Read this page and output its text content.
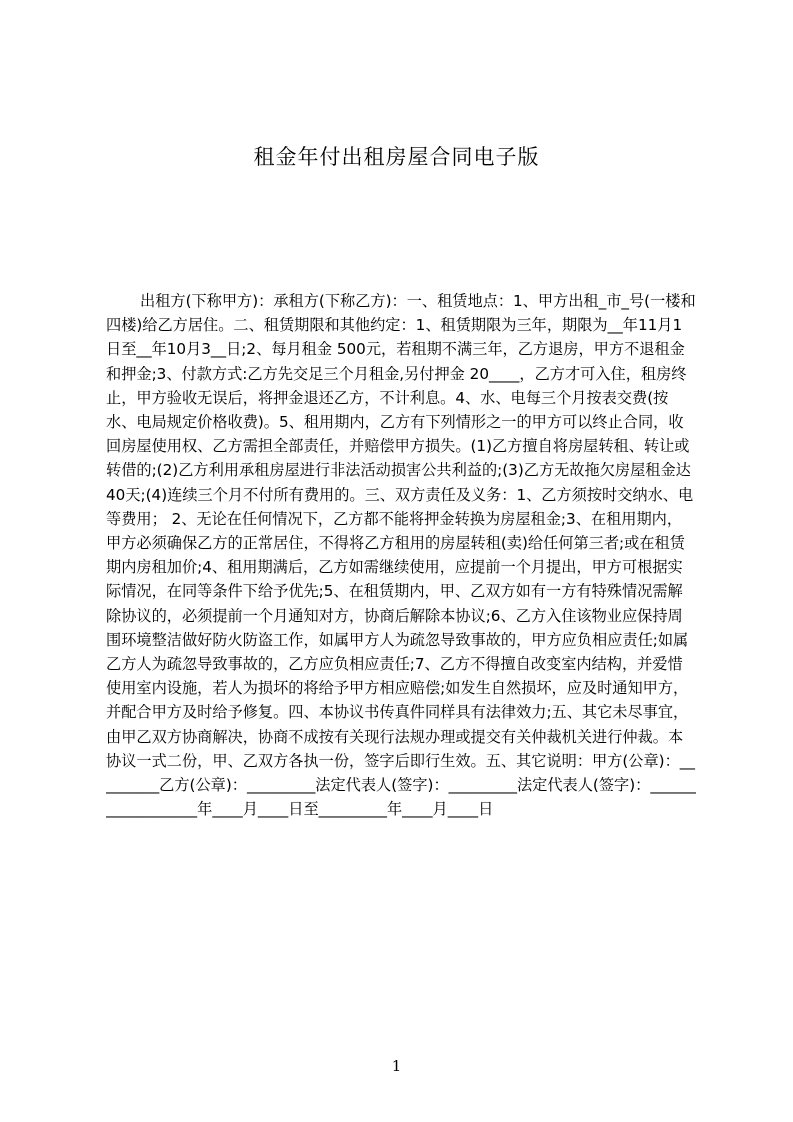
租金年付出租房屋合同电子版

出租方(下称甲方)：承租方(下称乙方)：一、租赁地点：1、甲方出租_市_号(一楼和四楼)给乙方居住。二、租赁期限和其他约定：1、租赁期限为三年，期限为__年11月1日至__年10月3__日;2、每月租金 500元，若租期不满三年，乙方退房，甲方不退租金和押金;3、付款方式:乙方先交足三个月租金,另付押金 20____，乙方才可入住，租房终止，甲方验收无误后，将押金退还乙方，不计利息。4、水、电每三个月按表交费(按水、电局规定价格收费)。5、租用期内，乙方有下列情形之一的甲方可以终止合同，收回房屋使用权、乙方需担全部责任，并赔偿甲方损失。(1)乙方擅自将房屋转租、转让或转借的;(2)乙方利用承租房屋进行非法活动损害公共利益的;(3)乙方无故拖欠房屋租金达40天;(4)连续三个月不付所有费用的。三、双方责任及义务：1、乙方须按时交纳水、电等费用； 2、无论在任何情况下，乙方都不能将押金转换为房屋租金;3、在租用期内，甲方必须确保乙方的正常居住，不得将乙方租用的房屋转租(卖)给任何第三者;或在租赁期内房租加价;4、租用期满后，乙方如需继续使用，应提前一个月提出，甲方可根据实际情况，在同等条件下给予优先;5、在租赁期内，甲、乙双方如有一方有特殊情况需解除协议的，必须提前一个月通知对方，协商后解除本协议;6、乙方入住该物业应保持周围环境整洁做好防火防盗工作，如属甲方人为疏忽导致事故的，甲方应负相应责任;如属乙方人为疏忽导致事故的，乙方应负相应责任;7、乙方不得擅自改变室内结构，并爱惜使用室内设施，若人为损坏的将给予甲方相应赔偿;如发生自然损坏，应及时通知甲方，并配合甲方及时给予修复。四、本协议书传真件同样具有法律效力;五、其它未尽事宜，由甲乙双方协商解决，协商不成按有关现行法规办理或提交有关仲裁机关进行仲裁。本协议一式二份，甲、乙双方各执一份，签字后即行生效。五、其它说明：甲方(公章)：_________乙方(公章)：_________法定代表人(签字)：_________法定代表人(签字)：__________________年____月____日至_________年____月____日

1
